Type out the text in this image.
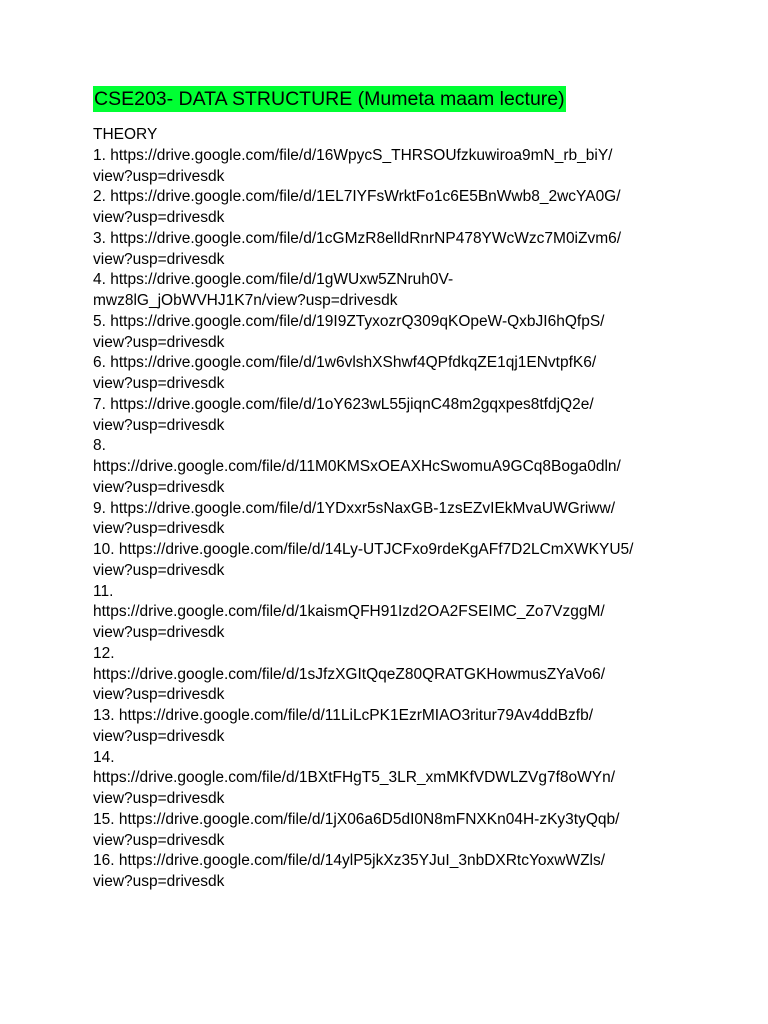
CSE203- DATA STRUCTURE (Mumeta maam lecture)
THEORY
1. https://drive.google.com/file/d/16WpycS_THRSOUfzkuwiroa9mN_rb_biY/
view?usp=drivesdk
2. https://drive.google.com/file/d/1EL7IYFsWrktFo1c6E5BnWwb8_2wcYA0G/
view?usp=drivesdk
3. https://drive.google.com/file/d/1cGMzR8elldRnrNP478YWcWzc7M0iZvm6/
view?usp=drivesdk
4. https://drive.google.com/file/d/1gWUxw5ZNruh0V-
mwz8lG_jObWVHJ1K7n/view?usp=drivesdk
5. https://drive.google.com/file/d/19I9ZTyxozrQ309qKOpeW-QxbJI6hQfpS/
view?usp=drivesdk
6. https://drive.google.com/file/d/1w6vlshXShwf4QPfdkqZE1qj1ENvtpfK6/
view?usp=drivesdk
7. https://drive.google.com/file/d/1oY623wL55jiqnC48m2gqxpes8tfdjQ2e/
view?usp=drivesdk
8.
https://drive.google.com/file/d/11M0KMSxOEAXHcSwomuA9GCq8Boga0dln/
view?usp=drivesdk
9. https://drive.google.com/file/d/1YDxxr5sNaxGB-1zsEZvIEkMvaUWGriww/
view?usp=drivesdk
10. https://drive.google.com/file/d/14Ly-UTJCFxo9rdeKgAFf7D2LCmXWKYU5/
view?usp=drivesdk
11.
https://drive.google.com/file/d/1kaismQFH91Izd2OA2FSEIMC_Zo7VzggM/
view?usp=drivesdk
12.
https://drive.google.com/file/d/1sJfzXGItQqeZ80QRATGKHowmusZYaVo6/
view?usp=drivesdk
13. https://drive.google.com/file/d/11LiLcPK1EzrMIAO3ritur79Av4ddBzfb/
view?usp=drivesdk
14.
https://drive.google.com/file/d/1BXtFHgT5_3LR_xmMKfVDWLZVg7f8oWYn/
view?usp=drivesdk
15. https://drive.google.com/file/d/1jX06a6D5dI0N8mFNXKn04H-zKy3tyQqb/
view?usp=drivesdk
16. https://drive.google.com/file/d/14ylP5jkXz35YJuI_3nbDXRtcYoxwWZls/
view?usp=drivesdk
